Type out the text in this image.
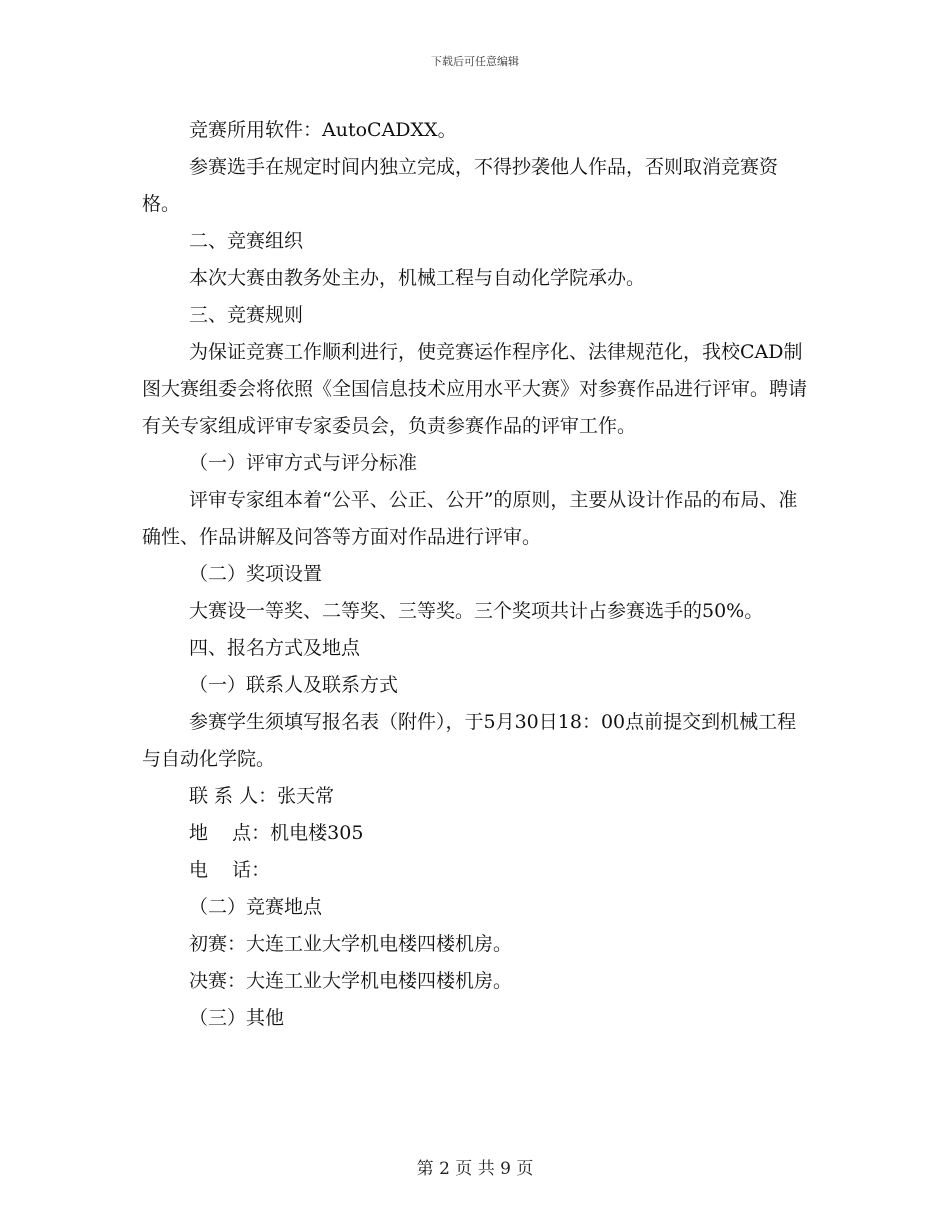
下载后可任意编辑

竞赛所用软件：AutoCADXX。

参赛选手在规定时间内独立完成，不得抄袭他人作品，否则取消竞赛资格。

二、竞赛组织

本次大赛由教务处主办，机械工程与自动化学院承办。

三、竞赛规则

为保证竞赛工作顺利进行，使竞赛运作程序化、法律规范化，我校CAD制图大赛组委会将依照《全国信息技术应用水平大赛》对参赛作品进行评审。聘请有关专家组成评审专家委员会，负责参赛作品的评审工作。

（一）评审方式与评分标准

评审专家组本着“公平、公正、公开”的原则，主要从设计作品的布局、准确性、作品讲解及问答等方面对作品进行评审。

（二）奖项设置

大赛设一等奖、二等奖、三等奖。三个奖项共计占参赛选手的50%。

四、报名方式及地点

（一）联系人及联系方式

参赛学生须填写报名表（附件），于5月30日18：00点前提交到机械工程与自动化学院。

联 系 人：张天常

地    点：机电楼305

电    话：

（二）竞赛地点

初赛：大连工业大学机电楼四楼机房。

决赛：大连工业大学机电楼四楼机房。

（三）其他

第 2 页 共 9 页
